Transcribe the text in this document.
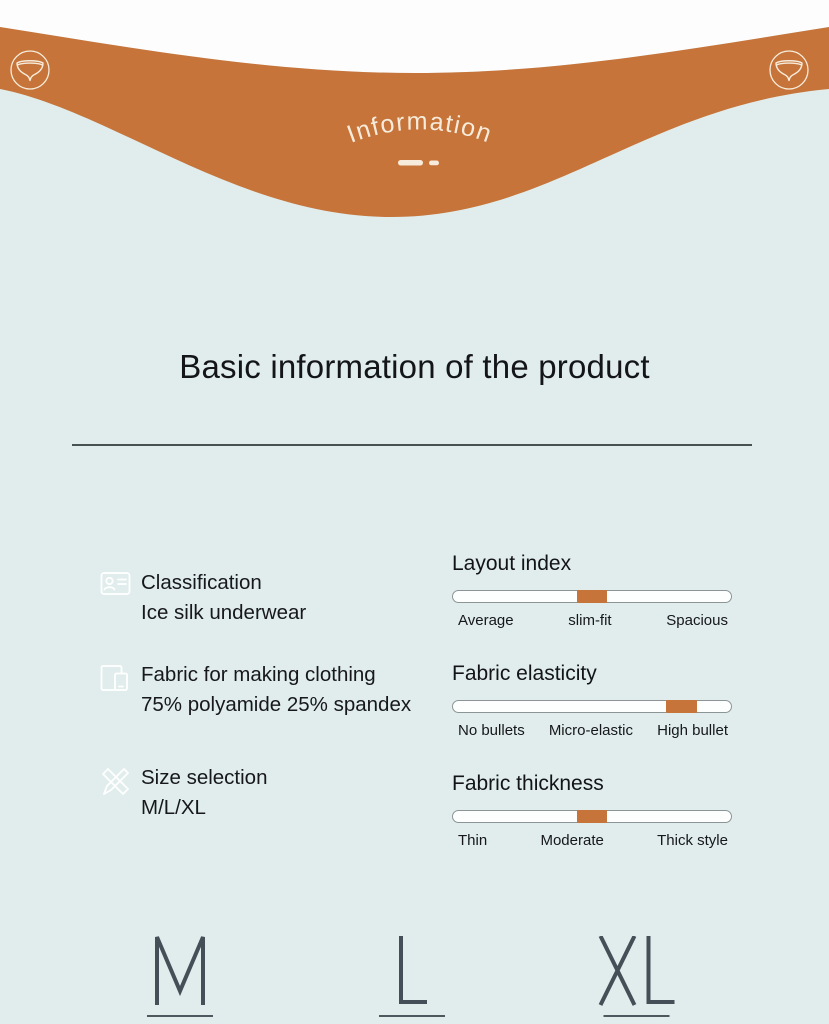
Information
Basic information of the product
Classification
Ice silk underwear
Fabric for making clothing
75% polyamide 25% spandex
Size selection
M/L/XL
Layout index
Average	slim-fit	Spacious
Fabric elasticity
No bullets Micro-elastic High bullet
Fabric thickness
Thin	Moderate	Thick style
